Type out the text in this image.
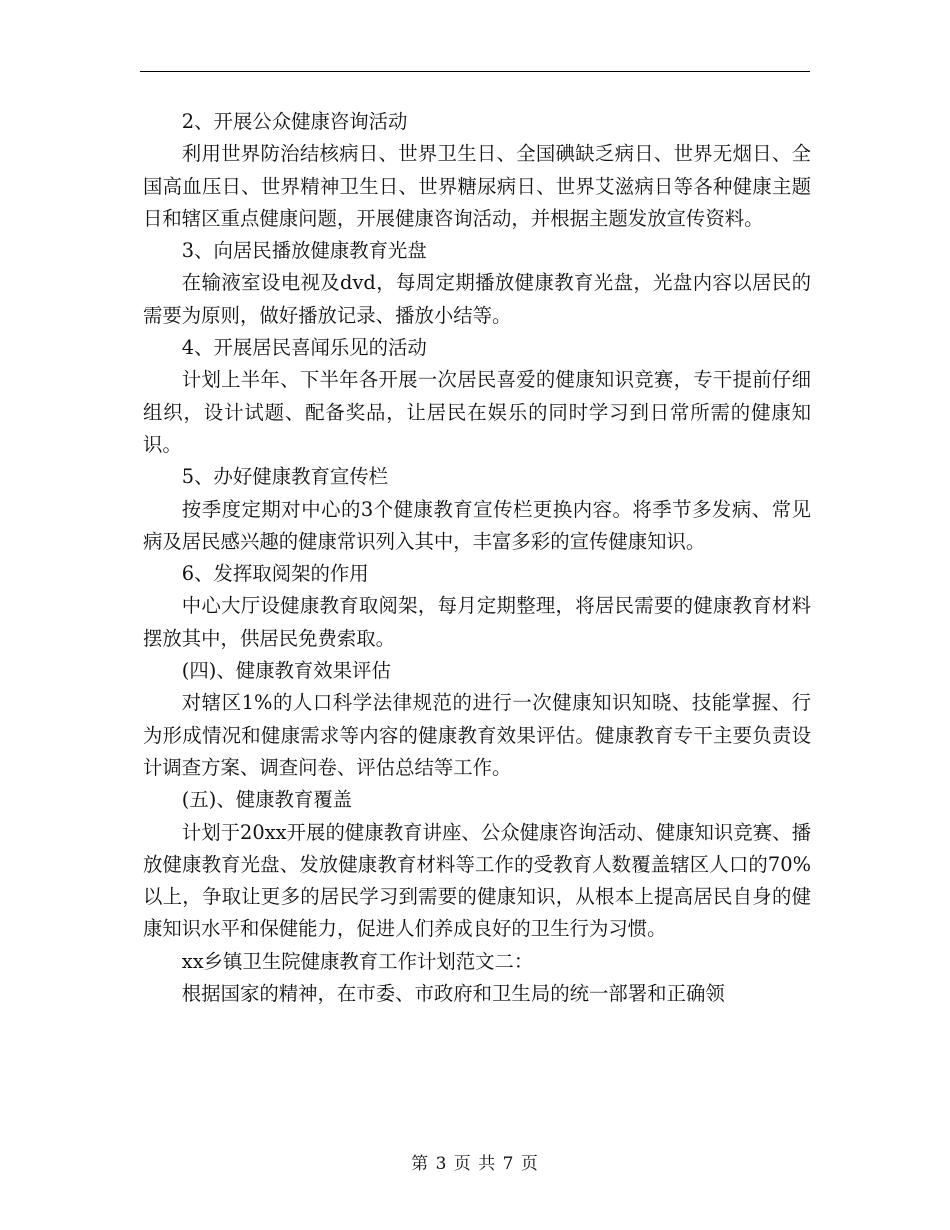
2、开展公众健康咨询活动

利用世界防治结核病日、世界卫生日、全国碘缺乏病日、世界无烟日、全国高血压日、世界精神卫生日、世界糖尿病日、世界艾滋病日等各种健康主题日和辖区重点健康问题，开展健康咨询活动，并根据主题发放宣传资料。

3、向居民播放健康教育光盘

在输液室设电视及dvd，每周定期播放健康教育光盘，光盘内容以居民的需要为原则，做好播放记录、播放小结等。

4、开展居民喜闻乐见的活动

计划上半年、下半年各开展一次居民喜爱的健康知识竞赛，专干提前仔细组织，设计试题、配备奖品，让居民在娱乐的同时学习到日常所需的健康知识。

5、办好健康教育宣传栏

按季度定期对中心的3个健康教育宣传栏更换内容。将季节多发病、常见病及居民感兴趣的健康常识列入其中，丰富多彩的宣传健康知识。

6、发挥取阅架的作用

中心大厅设健康教育取阅架，每月定期整理，将居民需要的健康教育材料摆放其中，供居民免费索取。

(四)、健康教育效果评估

对辖区1%的人口科学法律规范的进行一次健康知识知晓、技能掌握、行为形成情况和健康需求等内容的健康教育效果评估。健康教育专干主要负责设计调查方案、调查问卷、评估总结等工作。

(五)、健康教育覆盖

计划于20xx开展的健康教育讲座、公众健康咨询活动、健康知识竞赛、播放健康教育光盘、发放健康教育材料等工作的受教育人数覆盖辖区人口的70%以上，争取让更多的居民学习到需要的健康知识，从根本上提高居民自身的健康知识水平和保健能力，促进人们养成良好的卫生行为习惯。

xx乡镇卫生院健康教育工作计划范文二：

根据国家的精神，在市委、市政府和卫生局的统一部署和正确领

第 3 页 共 7 页
